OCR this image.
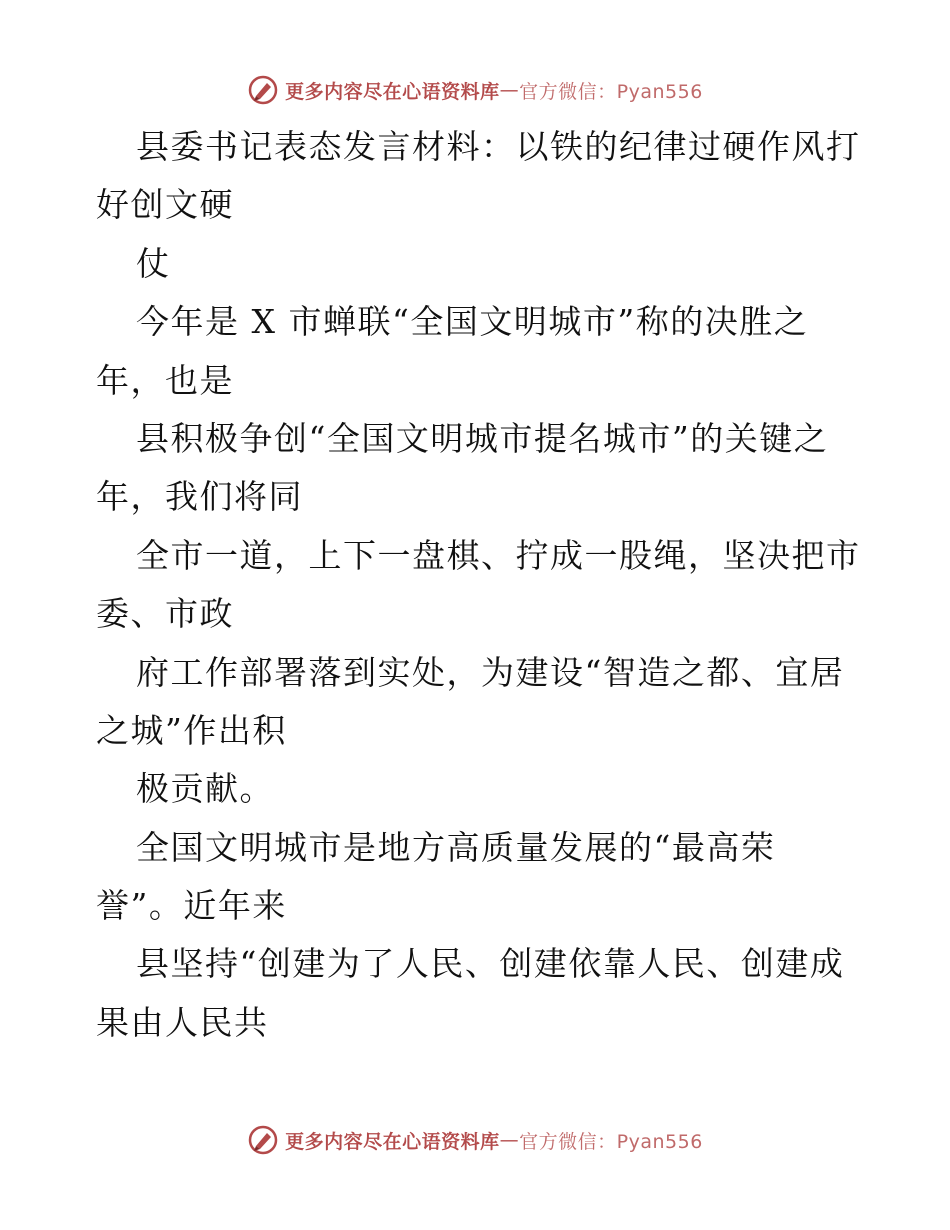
更多内容尽在心语资料库 — 官方微信：Pyan556
县委书记表态发言材料：以铁的纪律过硬作风打
好创文硬
仗
今年是 X 市蝉联“全国文明城市”称的决胜之
年，也是
县积极争创“全国文明城市提名城市”的关键之
年，我们将同
全市一道，上下一盘棋、拧成一股绳，坚决把市
委、市政
府工作部署落到实处，为建设“智造之都、宜居
之城”作出积
极贡献。
全国文明城市是地方高质量发展的“最高荣
誉”。近年来
县坚持“创建为了人民、创建依靠人民、创建成
果由人民共
更多内容尽在心语资料库 — 官方微信：Pyan556
